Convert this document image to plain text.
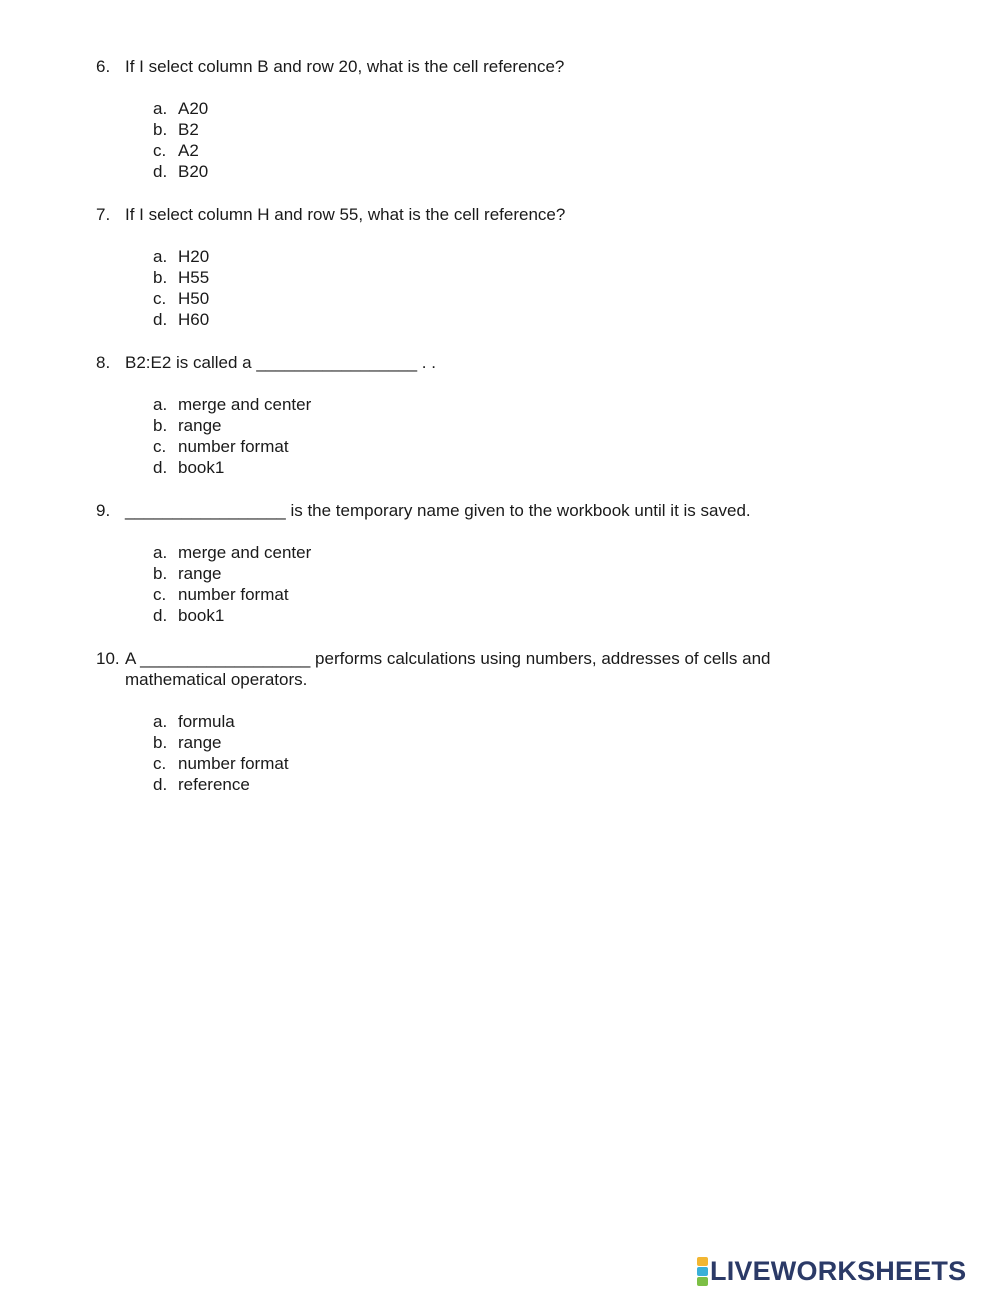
6. If I select column B and row 20, what is the cell reference?
a. A20
b. B2
c. A2
d. B20
7. If I select column H and row 55, what is the cell reference?
a. H20
b. H55
c. H50
d. H60
8. B2:E2 is called a _________________ . .
a. merge and center
b. range
c. number format
d. book1
9. _________________ is the temporary name given to the workbook until it is saved.
a. merge and center
b. range
c. number format
d. book1
10. A __________________ performs calculations using numbers, addresses of cells and mathematical operators.
a. formula
b. range
c. number format
d. reference
LIVEWORKSHEETS
